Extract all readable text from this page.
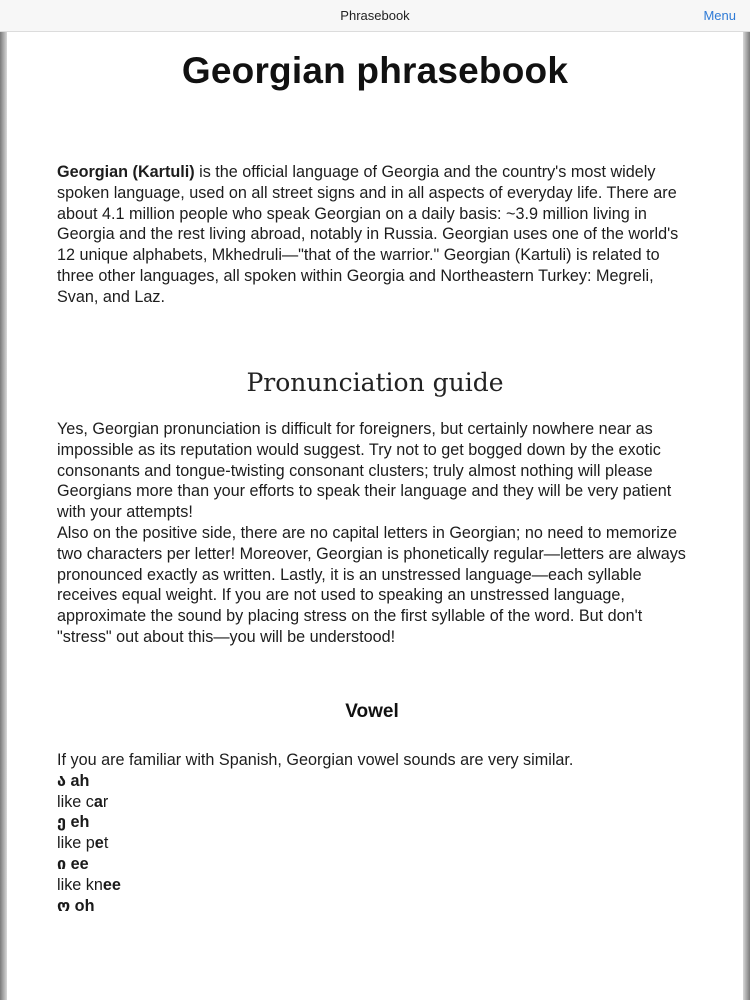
Phrasebook	Menu
Georgian phrasebook

Georgian (Kartuli) is the official language of Georgia and the country's most widely spoken language, used on all street signs and in all aspects of everyday life. There are about 4.1 million people who speak Georgian on a daily basis: ~3.9 million living in Georgia and the rest living abroad, notably in Russia. Georgian uses one of the world's 12 unique alphabets, Mkhedruli—"that of the warrior." Georgian (Kartuli) is related to three other languages, all spoken within Georgia and Northeastern Turkey: Megreli, Svan, and Laz.

Pronunciation guide

Yes, Georgian pronunciation is difficult for foreigners, but certainly nowhere near as impossible as its reputation would suggest. Try not to get bogged down by the exotic consonants and tongue-twisting consonant clusters; truly almost nothing will please Georgians more than your efforts to speak their language and they will be very patient with your attempts!

Also on the positive side, there are no capital letters in Georgian; no need to memorize two characters per letter! Moreover, Georgian is phonetically regular—letters are always pronounced exactly as written. Lastly, it is an unstressed language—each syllable receives equal weight. If you are not used to speaking an unstressed language, approximate the sound by placing stress on the first syllable of the word. But don't "stress" out about this—you will be understood!

Vowel

If you are familiar with Spanish, Georgian vowel sounds are very similar.

ა ah
like car
ე eh
like pet
ი ee
like knee
ო oh
